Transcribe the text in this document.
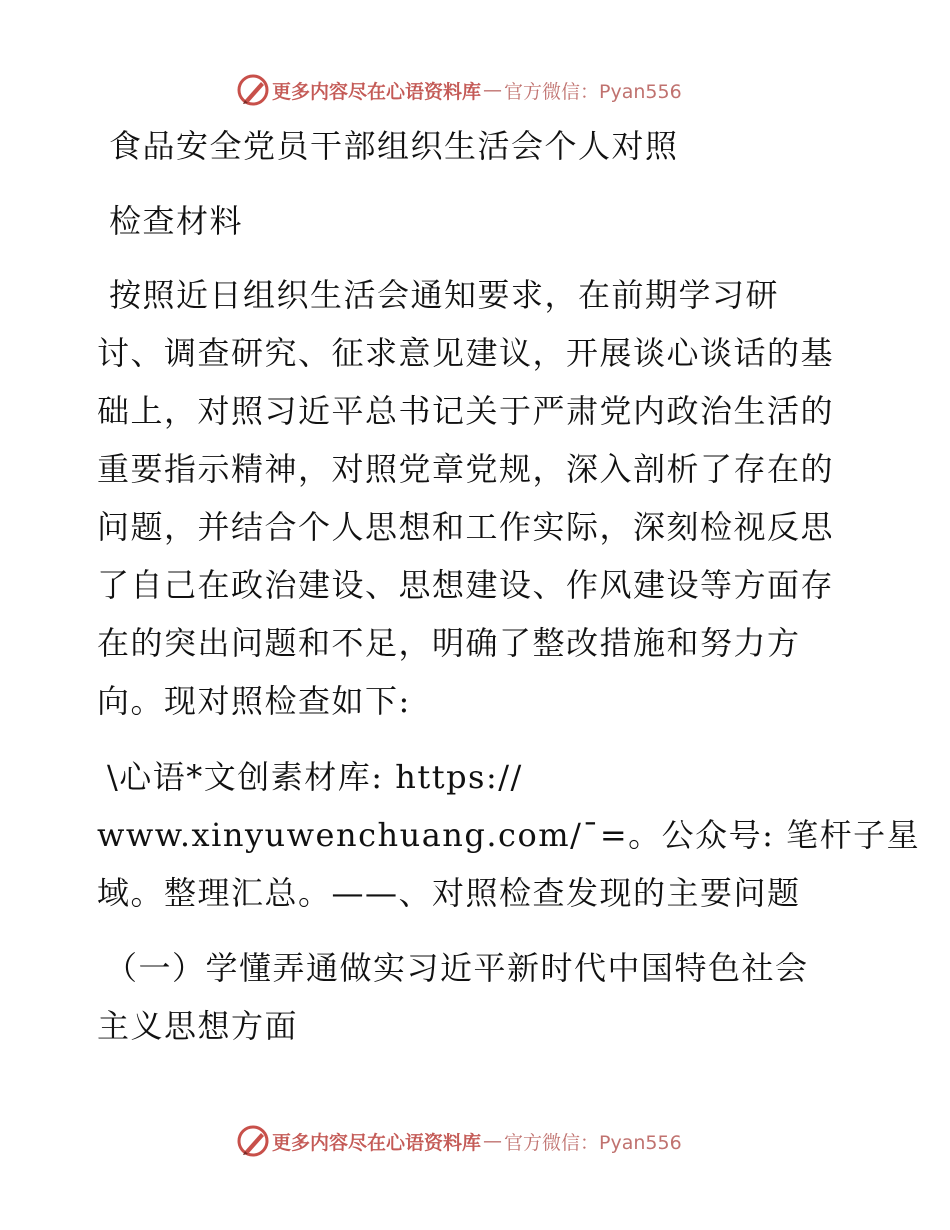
更多内容尽在心语资料库 — 官方微信：Pyan556
食品安全党员干部组织生活会个人对照
检查材料
按照近日组织生活会通知要求，在前期学习研
讨、调查研究、征求意见建议，开展谈心谈话的基
础上，对照习近平总书记关于严肃党内政治生活的
重要指示精神，对照党章党规，深入剖析了存在的
问题，并结合个人思想和工作实际，深刻检视反思
了自己在政治建设、思想建设、作风建设等方面存
在的突出问题和不足，明确了整改措施和努力方
向。现对照检查如下:
\心语*文创素材库: https://
www.xinyuwenchuang.com/¯=。公众号: 笔杆子星
域。整理汇总。——、对照检查发现的主要问题
（一）学懂弄通做实习近平新时代中国特色社会
主义思想方面
更多内容尽在心语资料库 — 官方微信：Pyan556
